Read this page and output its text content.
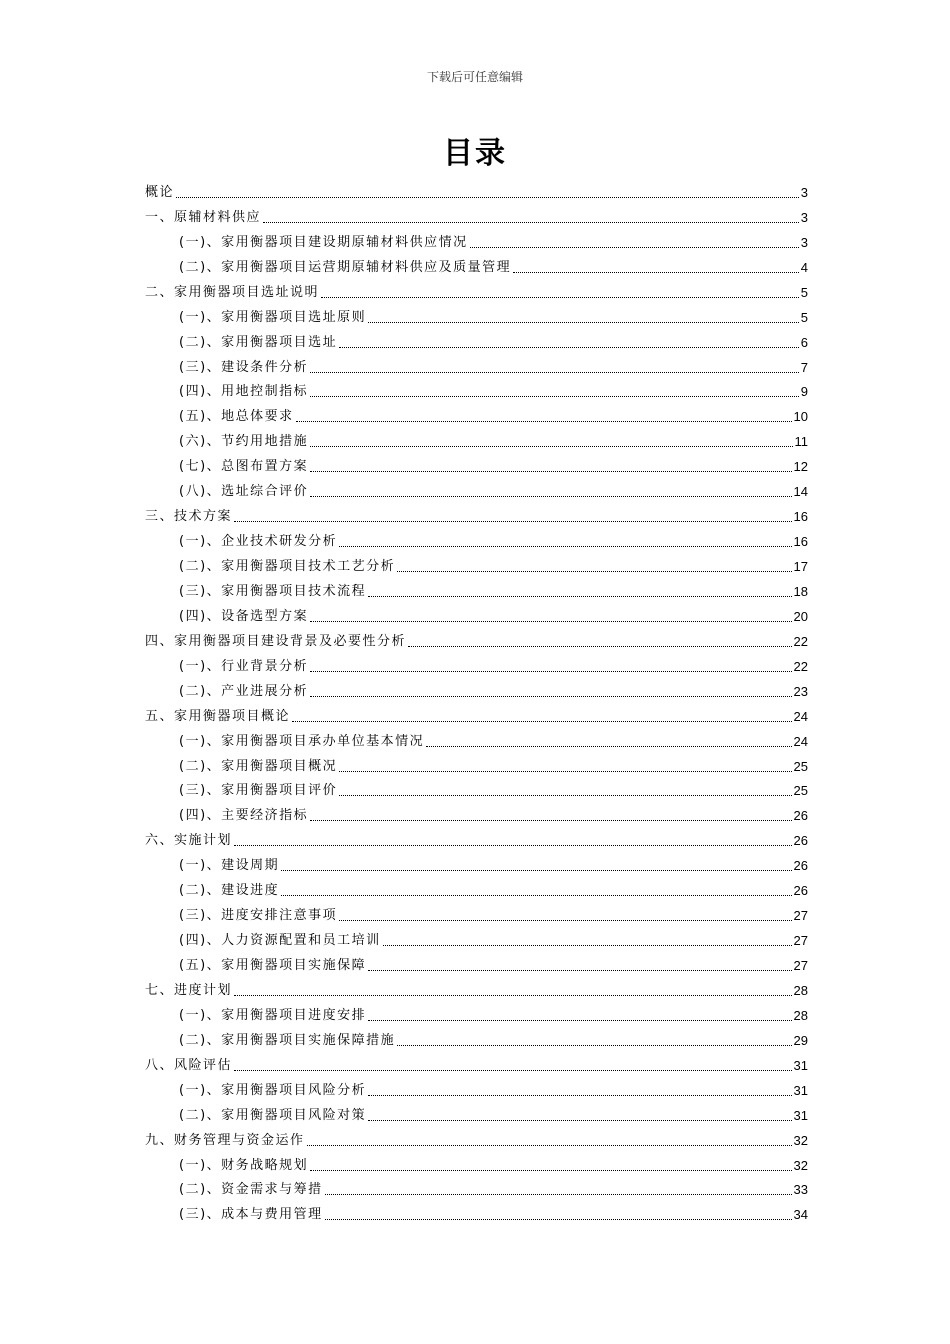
下载后可任意编辑
目录
概论	3
一、原辅材料供应	3
(一)、家用衡器项目建设期原辅材料供应情况	3
(二)、家用衡器项目运营期原辅材料供应及质量管理	4
二、家用衡器项目选址说明	5
(一)、家用衡器项目选址原则	5
(二)、家用衡器项目选址	6
(三)、建设条件分析	7
(四)、用地控制指标	9
(五)、地总体要求	10
(六)、节约用地措施	11
(七)、总图布置方案	12
(八)、选址综合评价	14
三、技术方案	16
(一)、企业技术研发分析	16
(二)、家用衡器项目技术工艺分析	17
(三)、家用衡器项目技术流程	18
(四)、设备选型方案	20
四、家用衡器项目建设背景及必要性分析	22
(一)、行业背景分析	22
(二)、产业进展分析	23
五、家用衡器项目概论	24
(一)、家用衡器项目承办单位基本情况	24
(二)、家用衡器项目概况	25
(三)、家用衡器项目评价	25
(四)、主要经济指标	26
六、实施计划	26
(一)、建设周期	26
(二)、建设进度	26
(三)、进度安排注意事项	27
(四)、人力资源配置和员工培训	27
(五)、家用衡器项目实施保障	27
七、进度计划	28
(一)、家用衡器项目进度安排	28
(二)、家用衡器项目实施保障措施	29
八、风险评估	31
(一)、家用衡器项目风险分析	31
(二)、家用衡器项目风险对策	31
九、财务管理与资金运作	32
(一)、财务战略规划	32
(二)、资金需求与筹措	33
(三)、成本与费用管理	34
